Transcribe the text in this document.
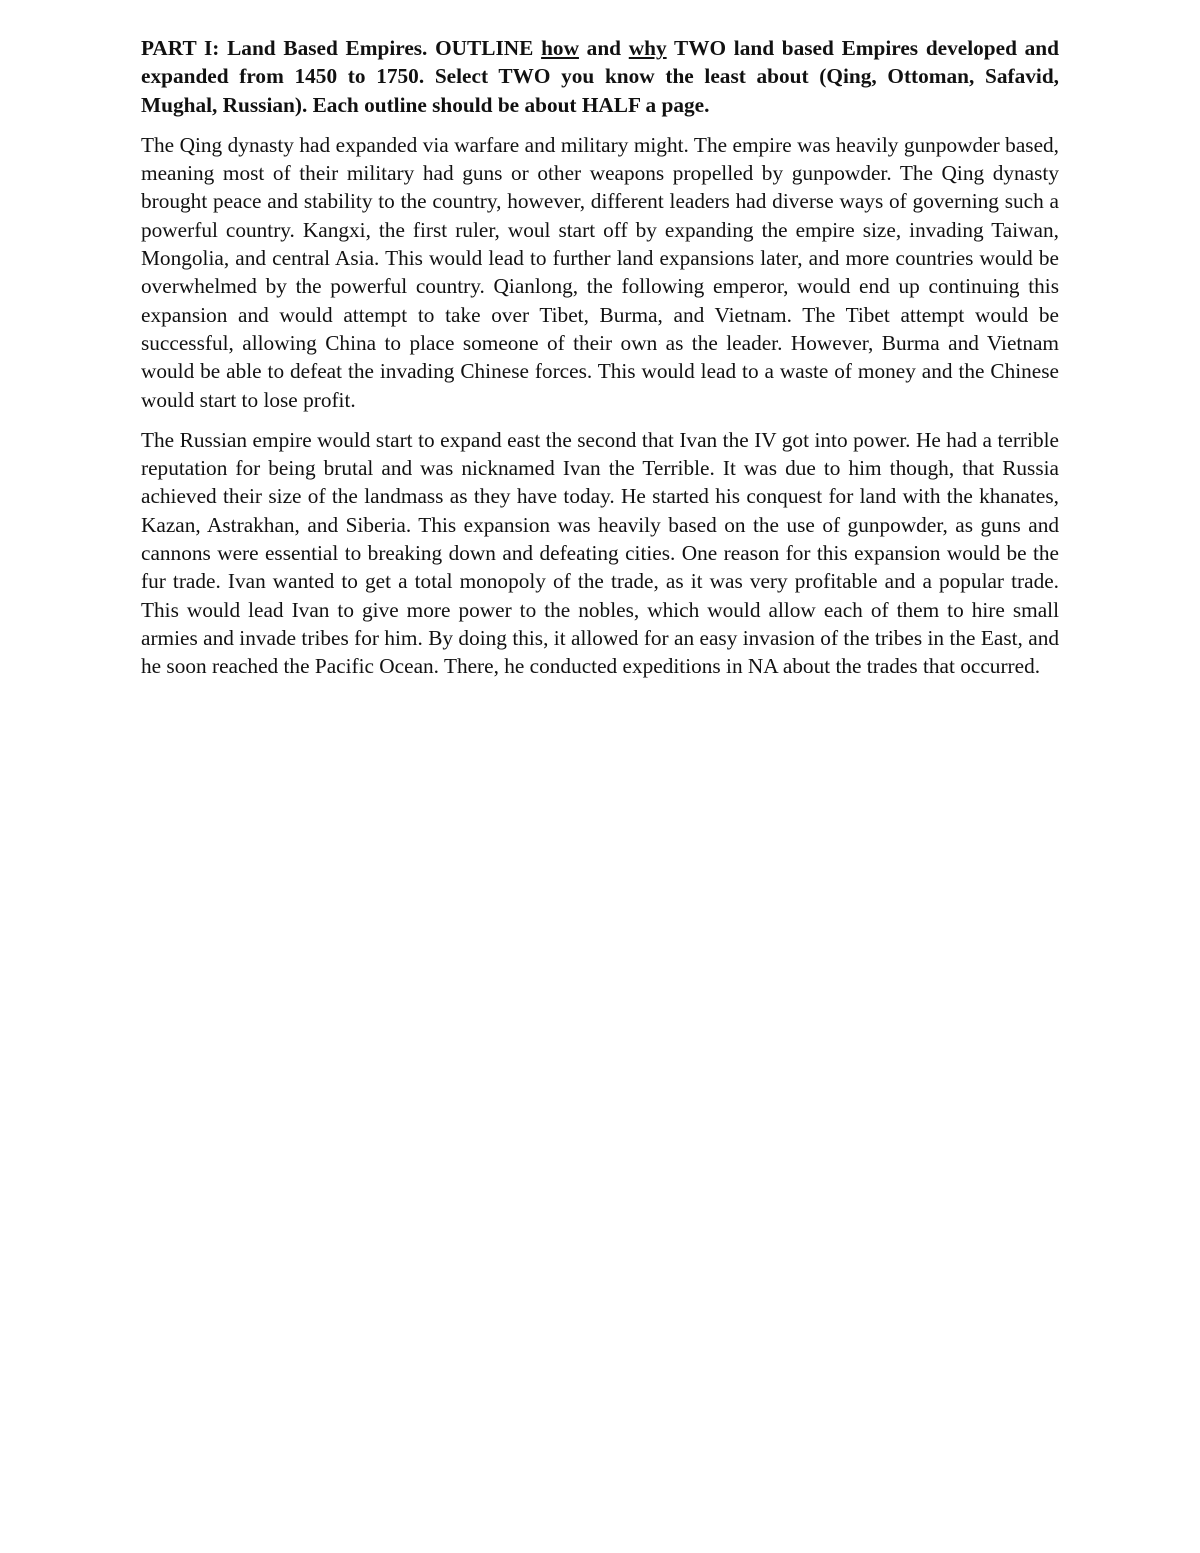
PART I: Land Based Empires. OUTLINE how and why TWO land based Empires developed and expanded from 1450 to 1750. Select TWO you know the least about (Qing, Ottoman, Safavid, Mughal, Russian). Each outline should be about HALF a page.

The Qing dynasty had expanded via warfare and military might. The empire was heavily gunpowder based, meaning most of their military had guns or other weapons propelled by gunpowder. The Qing dynasty brought peace and stability to the country, however, different leaders had diverse ways of governing such a powerful country. Kangxi, the first ruler, woul start off by expanding the empire size, invading Taiwan, Mongolia, and central Asia. This would lead to further land expansions later, and more countries would be overwhelmed by the powerful country. Qianlong, the following emperor, would end up continuing this expansion and would attempt to take over Tibet, Burma, and Vietnam. The Tibet attempt would be successful, allowing China to place someone of their own as the leader. However, Burma and Vietnam would be able to defeat the invading Chinese forces. This would lead to a waste of money and the Chinese would start to lose profit.

The Russian empire would start to expand east the second that Ivan the IV got into power. He had a terrible reputation for being brutal and was nicknamed Ivan the Terrible. It was due to him though, that Russia achieved their size of the landmass as they have today. He started his conquest for land with the khanates, Kazan, Astrakhan, and Siberia. This expansion was heavily based on the use of gunpowder, as guns and cannons were essential to breaking down and defeating cities. One reason for this expansion would be the fur trade. Ivan wanted to get a total monopoly of the trade, as it was very profitable and a popular trade. This would lead Ivan to give more power to the nobles, which would allow each of them to hire small armies and invade tribes for him. By doing this, it allowed for an easy invasion of the tribes in the East, and he soon reached the Pacific Ocean. There, he conducted expeditions in NA about the trades that occurred.
